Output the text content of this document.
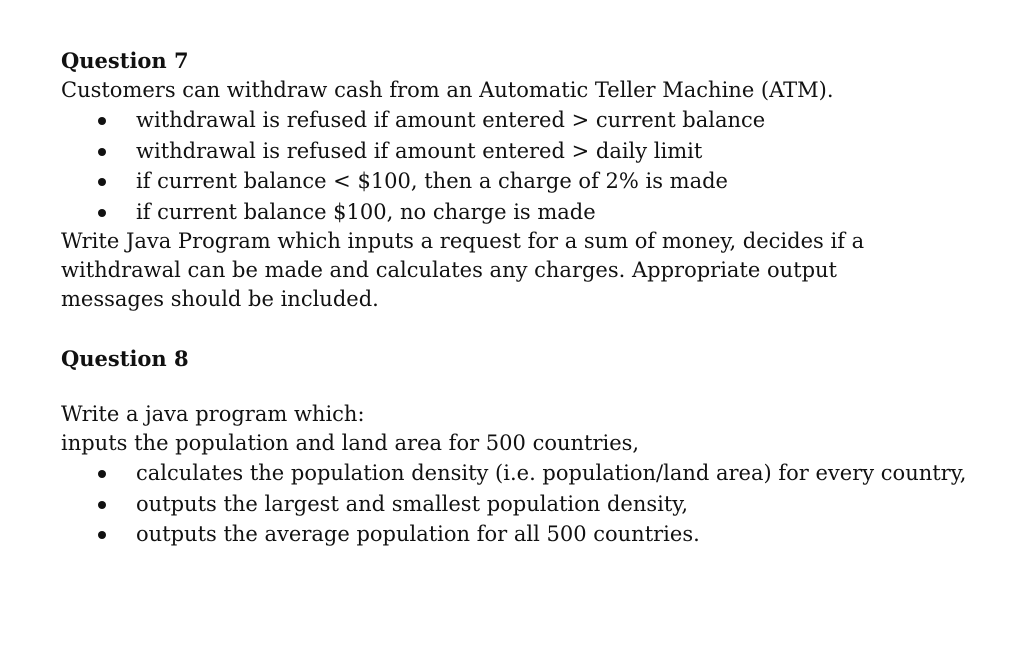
Question 7

Customers can withdraw cash from an Automatic Teller Machine (ATM).

withdrawal is refused if amount entered > current balance
withdrawal is refused if amount entered > daily limit
if current balance < $100, then a charge of 2% is made
if current balance $100, no charge is made

Write Java Program which inputs a request for a sum of money, decides if a withdrawal can be made and calculates any charges. Appropriate output messages should be included.

Question 8

Write a java program which:

inputs the population and land area for 500 countries,

calculates the population density (i.e. population/land area) for every country,
outputs the largest and smallest population density,
outputs the average population for all 500 countries.
